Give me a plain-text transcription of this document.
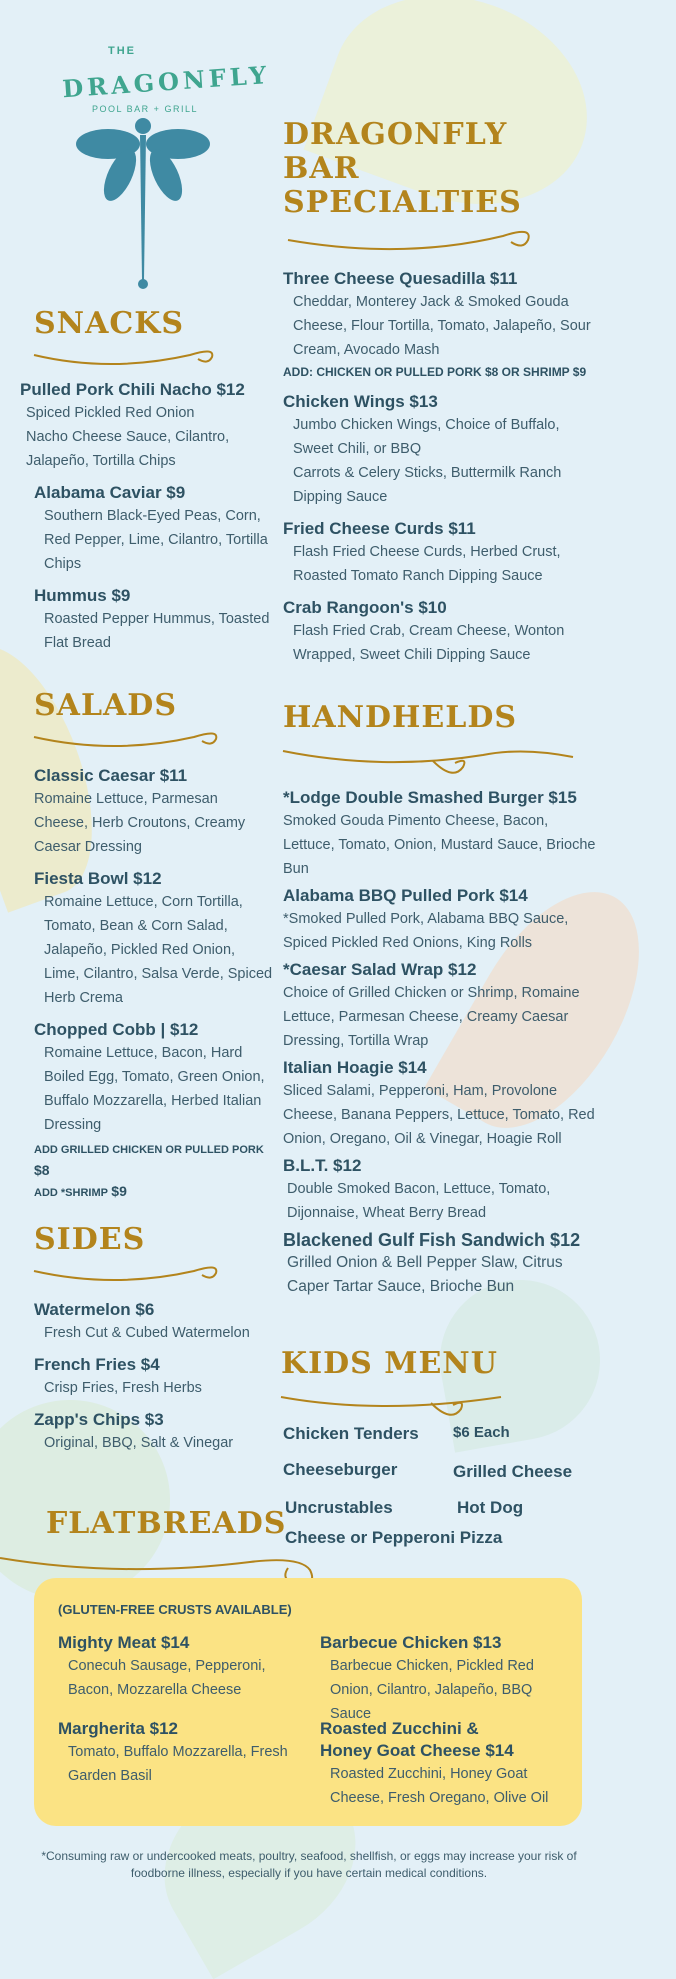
THE
DRAGONFLY
POOL BAR + GRILL
DRAGONFLY BAR SPECIALTIES
Three Cheese Quesadilla $11
Cheddar, Monterey Jack & Smoked Gouda Cheese, Flour Tortilla, Tomato, Jalapeño, Sour Cream, Avocado Mash
ADD: CHICKEN OR PULLED PORK $8 OR SHRIMP $9
Chicken Wings $13
Jumbo Chicken Wings, Choice of Buffalo, Sweet Chili, or BBQ
Carrots & Celery Sticks, Buttermilk Ranch Dipping Sauce
Fried Cheese Curds $11
Flash Fried Cheese Curds, Herbed Crust, Roasted Tomato Ranch Dipping Sauce
Crab Rangoon's $10
Flash Fried Crab, Cream Cheese, Wonton Wrapped, Sweet Chili Dipping Sauce
SNACKS
Pulled Pork Chili Nacho $12
Spiced Pickled Red Onion
Nacho Cheese Sauce, Cilantro, Jalapeño, Tortilla Chips
Alabama Caviar $9
Southern Black-Eyed Peas, Corn, Red Pepper, Lime, Cilantro, Tortilla Chips
Hummus $9
Roasted Pepper Hummus, Toasted Flat Bread
SALADS
Classic Caesar $11
Romaine Lettuce, Parmesan Cheese, Herb Croutons, Creamy Caesar Dressing
Fiesta Bowl $12
Romaine Lettuce, Corn Tortilla, Tomato, Bean & Corn Salad, Jalapeño, Pickled Red Onion, Lime, Cilantro, Salsa Verde, Spiced Herb Crema
Chopped Cobb | $12
Romaine Lettuce, Bacon, Hard Boiled Egg, Tomato, Green Onion, Buffalo Mozzarella, Herbed Italian Dressing
ADD GRILLED CHICKEN OR PULLED PORK $8
ADD *SHRIMP $9
SIDES
Watermelon $6
Fresh Cut & Cubed Watermelon
French Fries $4
Crisp Fries, Fresh Herbs
Zapp's Chips $3
Original, BBQ, Salt & Vinegar
HANDHELDS
*Lodge Double Smashed Burger $15
Smoked Gouda Pimento Cheese, Bacon, Lettuce, Tomato, Onion, Mustard Sauce, Brioche Bun
Alabama BBQ Pulled Pork $14
*Smoked Pulled Pork, Alabama BBQ Sauce, Spiced Pickled Red Onions, King Rolls
*Caesar Salad Wrap $12
Choice of Grilled Chicken or Shrimp, Romaine Lettuce, Parmesan Cheese, Creamy Caesar Dressing, Tortilla Wrap
Italian Hoagie $14
Sliced Salami, Pepperoni, Ham, Provolone Cheese, Banana Peppers, Lettuce, Tomato, Red Onion, Oregano, Oil & Vinegar, Hoagie Roll
B.L.T. $12
Double Smoked Bacon, Lettuce, Tomato, Dijonnaise, Wheat Berry Bread
Blackened Gulf Fish Sandwich $12
Grilled Onion & Bell Pepper Slaw, Citrus Caper Tartar Sauce, Brioche Bun
KIDS MENU
Chicken Tenders $6 Each
Cheeseburger	Grilled Cheese
Uncrustables	Hot Dog
Cheese or Pepperoni Pizza
FLATBREADS
(GLUTEN-FREE CRUSTS AVAILABLE)
Mighty Meat $14
Conecuh Sausage, Pepperoni, Bacon, Mozzarella Cheese
Margherita $12
Tomato, Buffalo Mozzarella, Fresh Garden Basil
Barbecue Chicken $13
Barbecue Chicken, Pickled Red Onion, Cilantro, Jalapeño, BBQ Sauce
Roasted Zucchini & Honey Goat Cheese $14
Roasted Zucchini, Honey Goat Cheese, Fresh Oregano, Olive Oil
*Consuming raw or undercooked meats, poultry, seafood, shellfish, or eggs may increase your risk of foodborne illness, especially if you have certain medical conditions.
